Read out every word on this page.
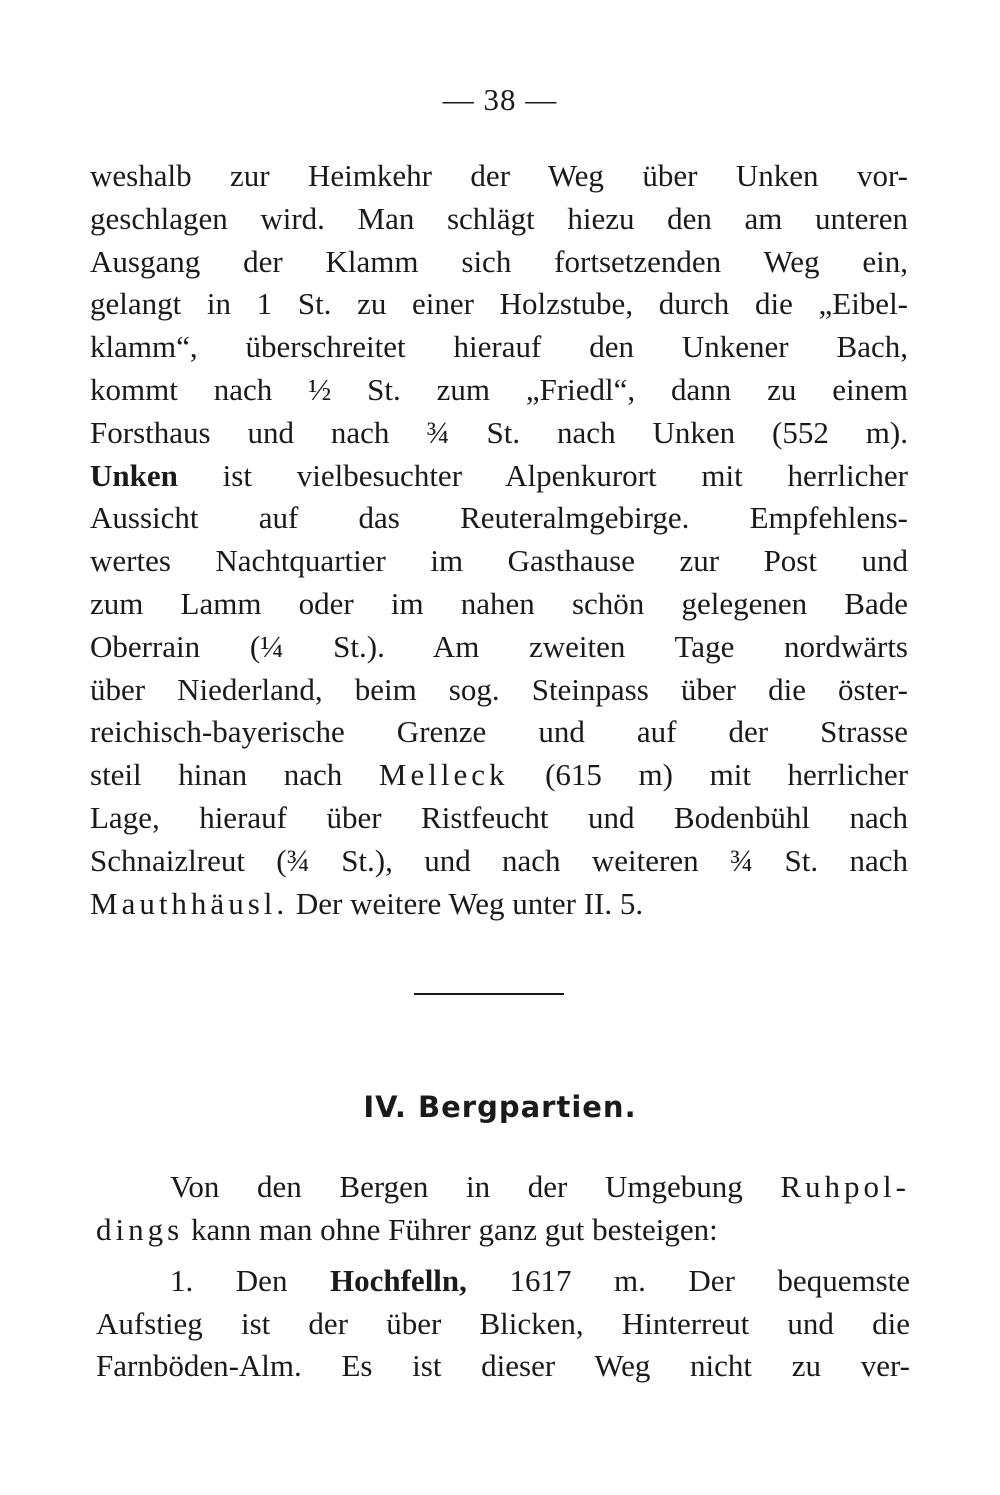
— 38 —
weshalb zur Heimkehr der Weg über Unken vor-
geschlagen wird. Man schlägt hiezu den am unteren
Ausgang der Klamm sich fortsetzenden Weg ein,
gelangt in 1 St. zu einer Holzstube, durch die „Eibel-
klamm“, überschreitet hierauf den Unkener Bach,
kommt nach ½ St. zum „Friedl“, dann zu einem
Forsthaus und nach ¾ St. nach Unken (552 m).
Unken ist vielbesuchter Alpenkurort mit herrlicher
Aussicht auf das Reuteralmgebirge. Empfehlens-
wertes Nachtquartier im Gasthause zur Post und
zum Lamm oder im nahen schön gelegenen Bade
Oberrain (¼ St.). Am zweiten Tage nordwärts
über Niederland, beim sog. Steinpass über die öster-
reichisch-bayerische Grenze und auf der Strasse
steil hinan nach Melleck (615 m) mit herrlicher
Lage, hierauf über Ristfeucht und Bodenbühl nach
Schnaizlreut (¾ St.), und nach weiteren ¾ St. nach
Mauthhäusl. Der weitere Weg unter II. 5.
IV. Bergpartien.
Von den Bergen in der Umgebung Ruhpol-
dings kann man ohne Führer ganz gut besteigen:
1. Den Hochfelln, 1617 m. Der bequemste
Aufstieg ist der über Blicken, Hinterreut und die
Farnböden-Alm. Es ist dieser Weg nicht zu ver-
